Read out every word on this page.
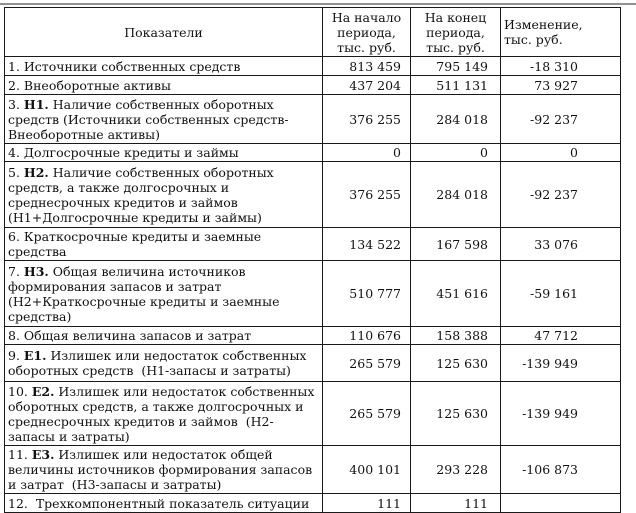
Показатели	На начало периода, тыс. руб.	На конец периода, тыс. руб.	Изменение, тыс. руб.
1. Источники собственных средств	813 459	795 149	-18 310
2. Внеоборотные активы	437 204	511 131	73 927
3. Н1. Наличие собственных оборотных средств (Источники собственных средств-Внеоборотные активы)	376 255	284 018	-92 237
4. Долгосрочные кредиты и займы	0	0	0
5. Н2. Наличие собственных оборотных средств, а также долгосрочных и среднесрочных кредитов и займов (Н1+Долгосрочные кредиты и займы)	376 255	284 018	-92 237
6. Краткосрочные кредиты и заемные средства	134 522	167 598	33 076
7. Н3. Общая величина источников формирования запасов и затрат (Н2+Краткосрочные кредиты и заемные средства)	510 777	451 616	-59 161
8. Общая величина запасов и затрат	110 676	158 388	47 712
9. Е1. Излишек или недостаток собственных оборотных средств  (Н1-запасы и затраты)	265 579	125 630	-139 949
10. Е2. Излишек или недостаток собственных оборотных средств, а также долгосрочных и среднесрочных кредитов и займов  (Н2-запасы и затраты)	265 579	125 630	-139 949
11. Е3. Излишек или недостаток общей величины источников формирования запасов и затрат  (Н3-запасы и затраты)	400 101	293 228	-106 873
12.  Трехкомпонентный показатель ситуации	111	111	
